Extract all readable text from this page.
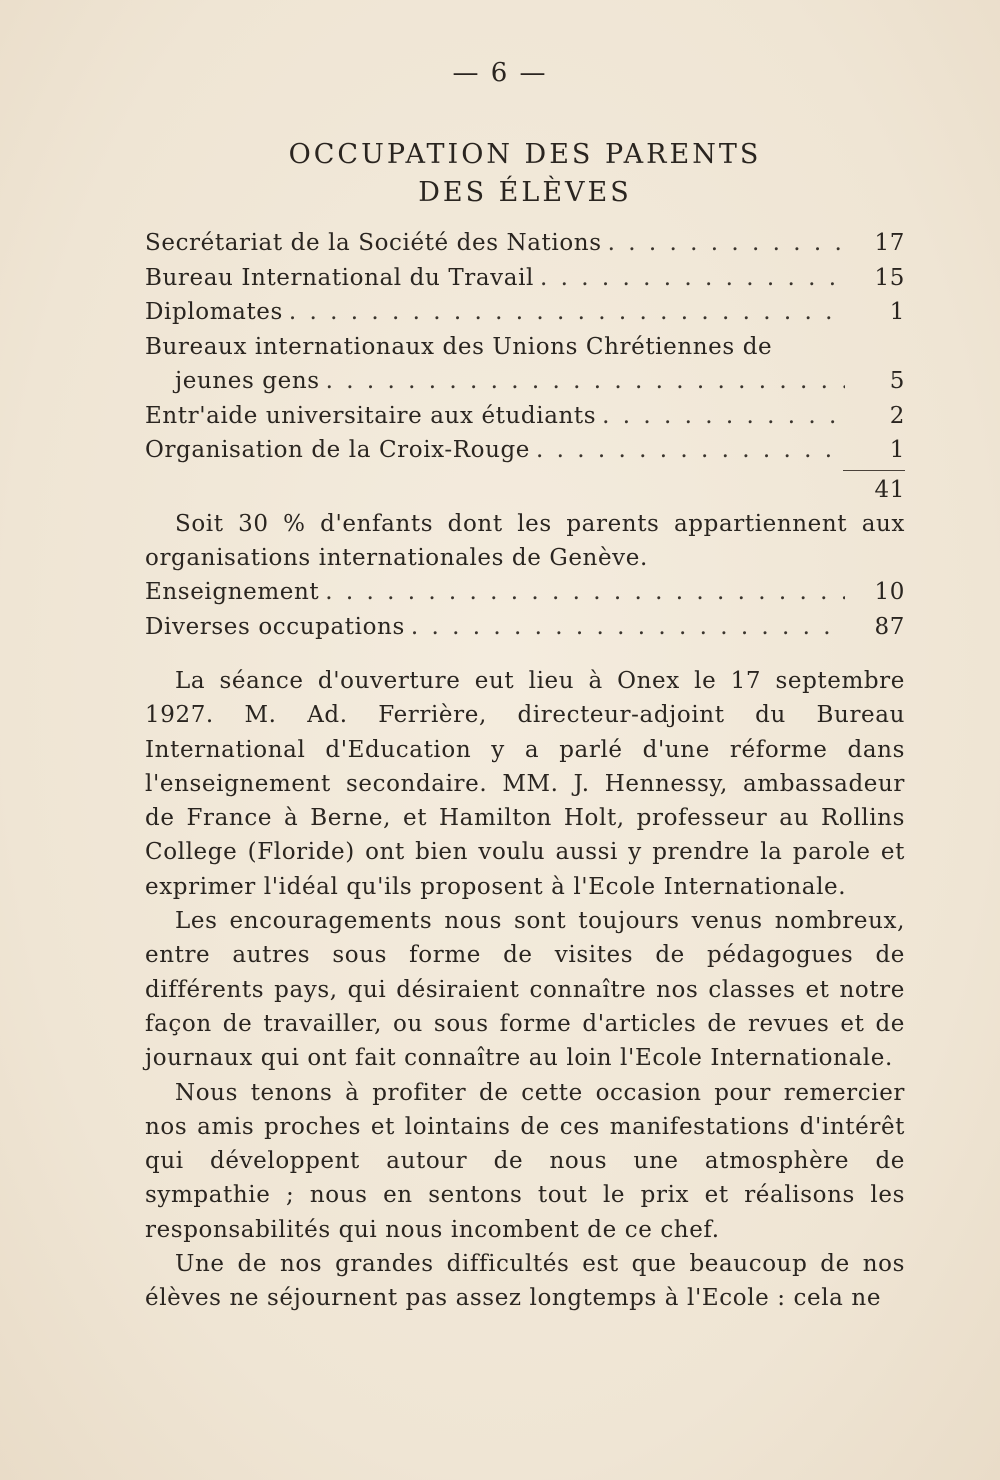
— 6 —
OCCUPATION DES PARENTS
DES ÉLÈVES
Secrétariat de la Société des Nations . . .	17
Bureau International du Travail . . .	15
Diplomates . . .	1
Bureaux internationaux des Unions Chrétiennes de
jeunes gens . . .	5
Entr'aide universitaire aux étudiants . . .	2
Organisation de la Croix-Rouge . . .	1
41

Soit 30 % d'enfants dont les parents appartiennent aux organisations internationales de Genève.

Enseignement . . .	10
Diverses occupations . . .	87

La séance d'ouverture eut lieu à Onex le 17 septembre 1927. M. Ad. Ferrière, directeur-adjoint du Bureau International d'Education y a parlé d'une réforme dans l'enseignement secondaire. MM. J. Hennessy, ambassadeur de France à Berne, et Hamilton Holt, professeur au Rollins College (Floride) ont bien voulu aussi y prendre la parole et exprimer l'idéal qu'ils proposent à l'Ecole Internationale.

Les encouragements nous sont toujours venus nombreux, entre autres sous forme de visites de pédagogues de différents pays, qui désiraient connaître nos classes et notre façon de travailler, ou sous forme d'articles de revues et de journaux qui ont fait connaître au loin l'Ecole Internationale.

Nous tenons à profiter de cette occasion pour remercier nos amis proches et lointains de ces manifestations d'intérêt qui développent autour de nous une atmosphère de sympathie ; nous en sentons tout le prix et réalisons les responsabilités qui nous incombent de ce chef.

Une de nos grandes difficultés est que beaucoup de nos élèves ne séjournent pas assez longtemps à l'Ecole : cela ne
